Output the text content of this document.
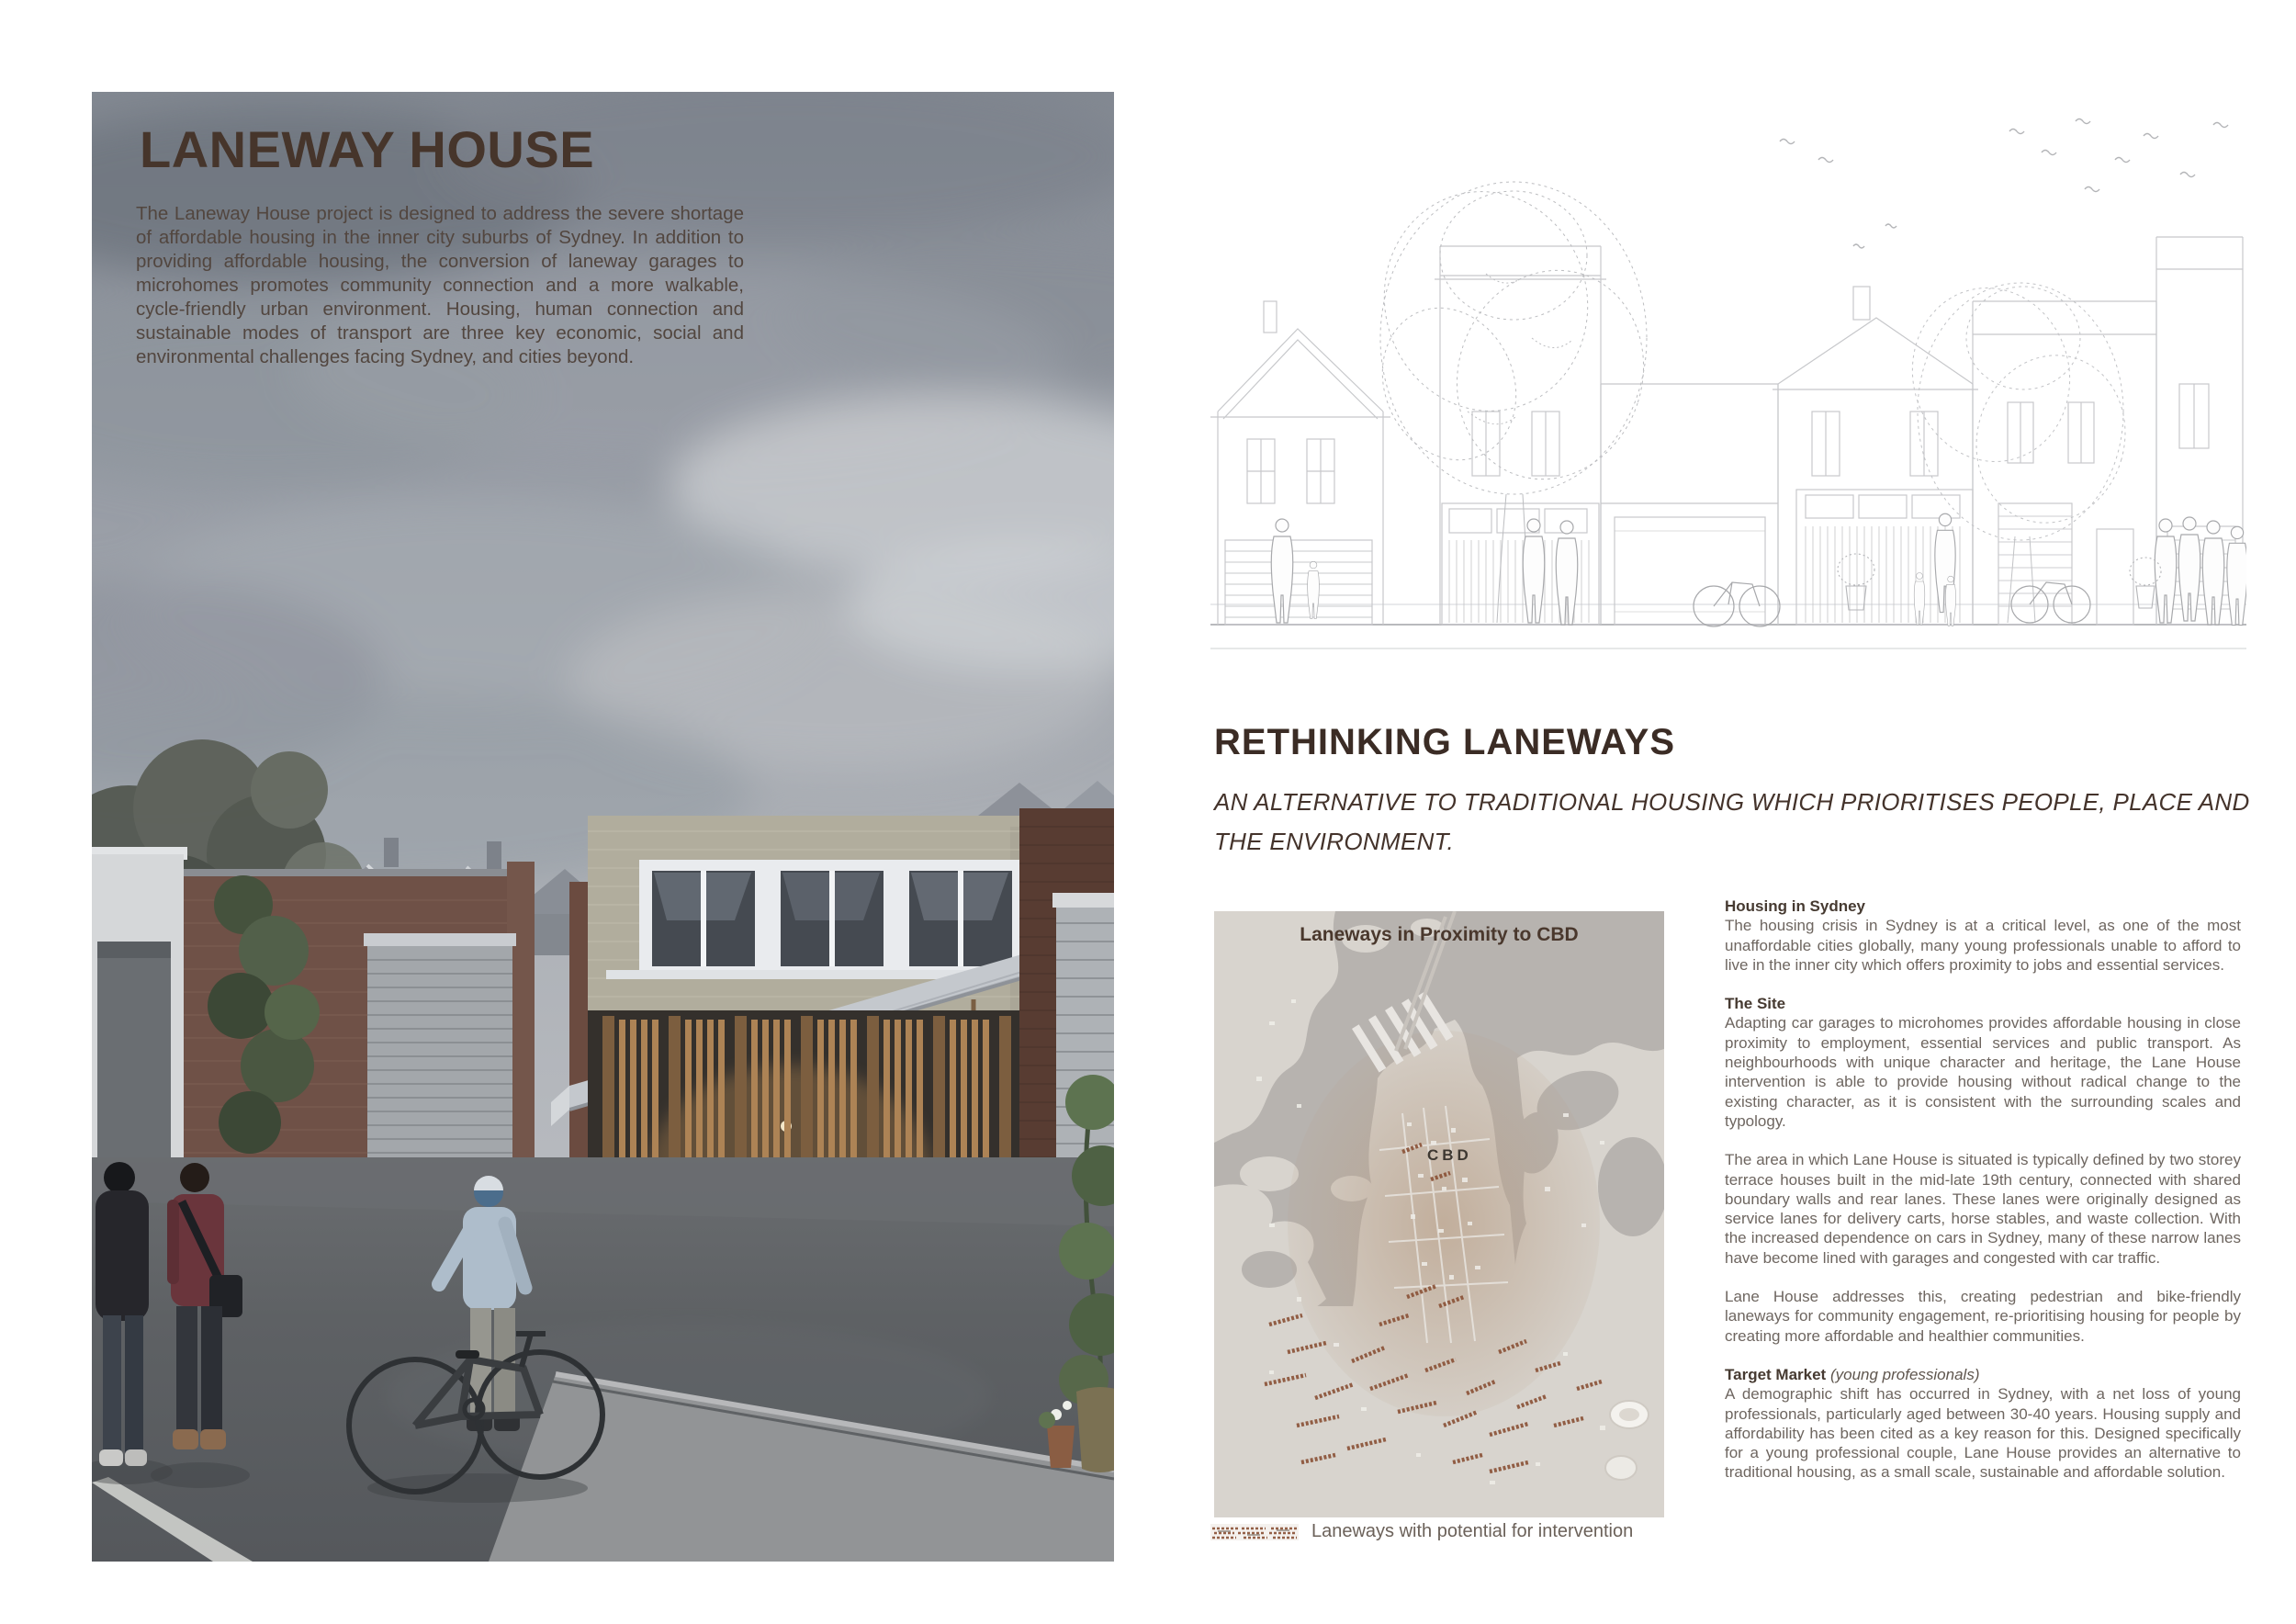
LANEWAY HOUSE
The Laneway House project is designed to address the severe shortage of affordable housing in the inner city suburbs of Sydney. In addition to providing affordable housing, the conversion of laneway garages to microhomes promotes community connection and a more walkable, cycle-friendly urban environment. Housing, human connection and sustainable modes of transport are three key economic, social and environmental challenges facing Sydney, and cities beyond.
RETHINKING LANEWAYS
AN ALTERNATIVE TO TRADITIONAL HOUSING WHICH PRIORITISES PEOPLE, PLACE AND
THE ENVIRONMENT.
Laneways in Proximity to CBD
CBD
Laneways with potential for intervention
Housing in Sydney

The housing crisis in Sydney is at a critical level, as one of the most unaffordable cities globally, many young professionals unable to afford to live in the inner city which offers proximity to jobs and essential services.

The Site

Adapting car garages to microhomes provides affordable housing in close proximity to employment, essential services and public transport. As neighbourhoods with unique character and heritage, the Lane House intervention is able to provide housing without radical change to the existing character, as it is consistent with the surrounding scales and typology.

The area in which Lane House is situated is typically defined by two storey terrace houses built in the mid-late 19th century, connected with shared boundary walls and rear lanes. These lanes were originally designed as service lanes for delivery carts, horse stables, and waste collection. With the increased dependence on cars in Sydney, many of these narrow lanes have become lined with garages and congested with car traffic.

Lane House addresses this, creating pedestrian and bike-friendly laneways for community engagement, re-prioritising housing for people by creating more affordable and healthier communities.

Target Market (young professionals)

A demographic shift has occurred in Sydney, with a net loss of young professionals, particularly aged between 30-40 years. Housing supply and affordability has been cited as a key reason for this. Designed specifically for a young professional couple, Lane House provides an alternative to traditional housing, as a small scale, sustainable and affordable solution.
